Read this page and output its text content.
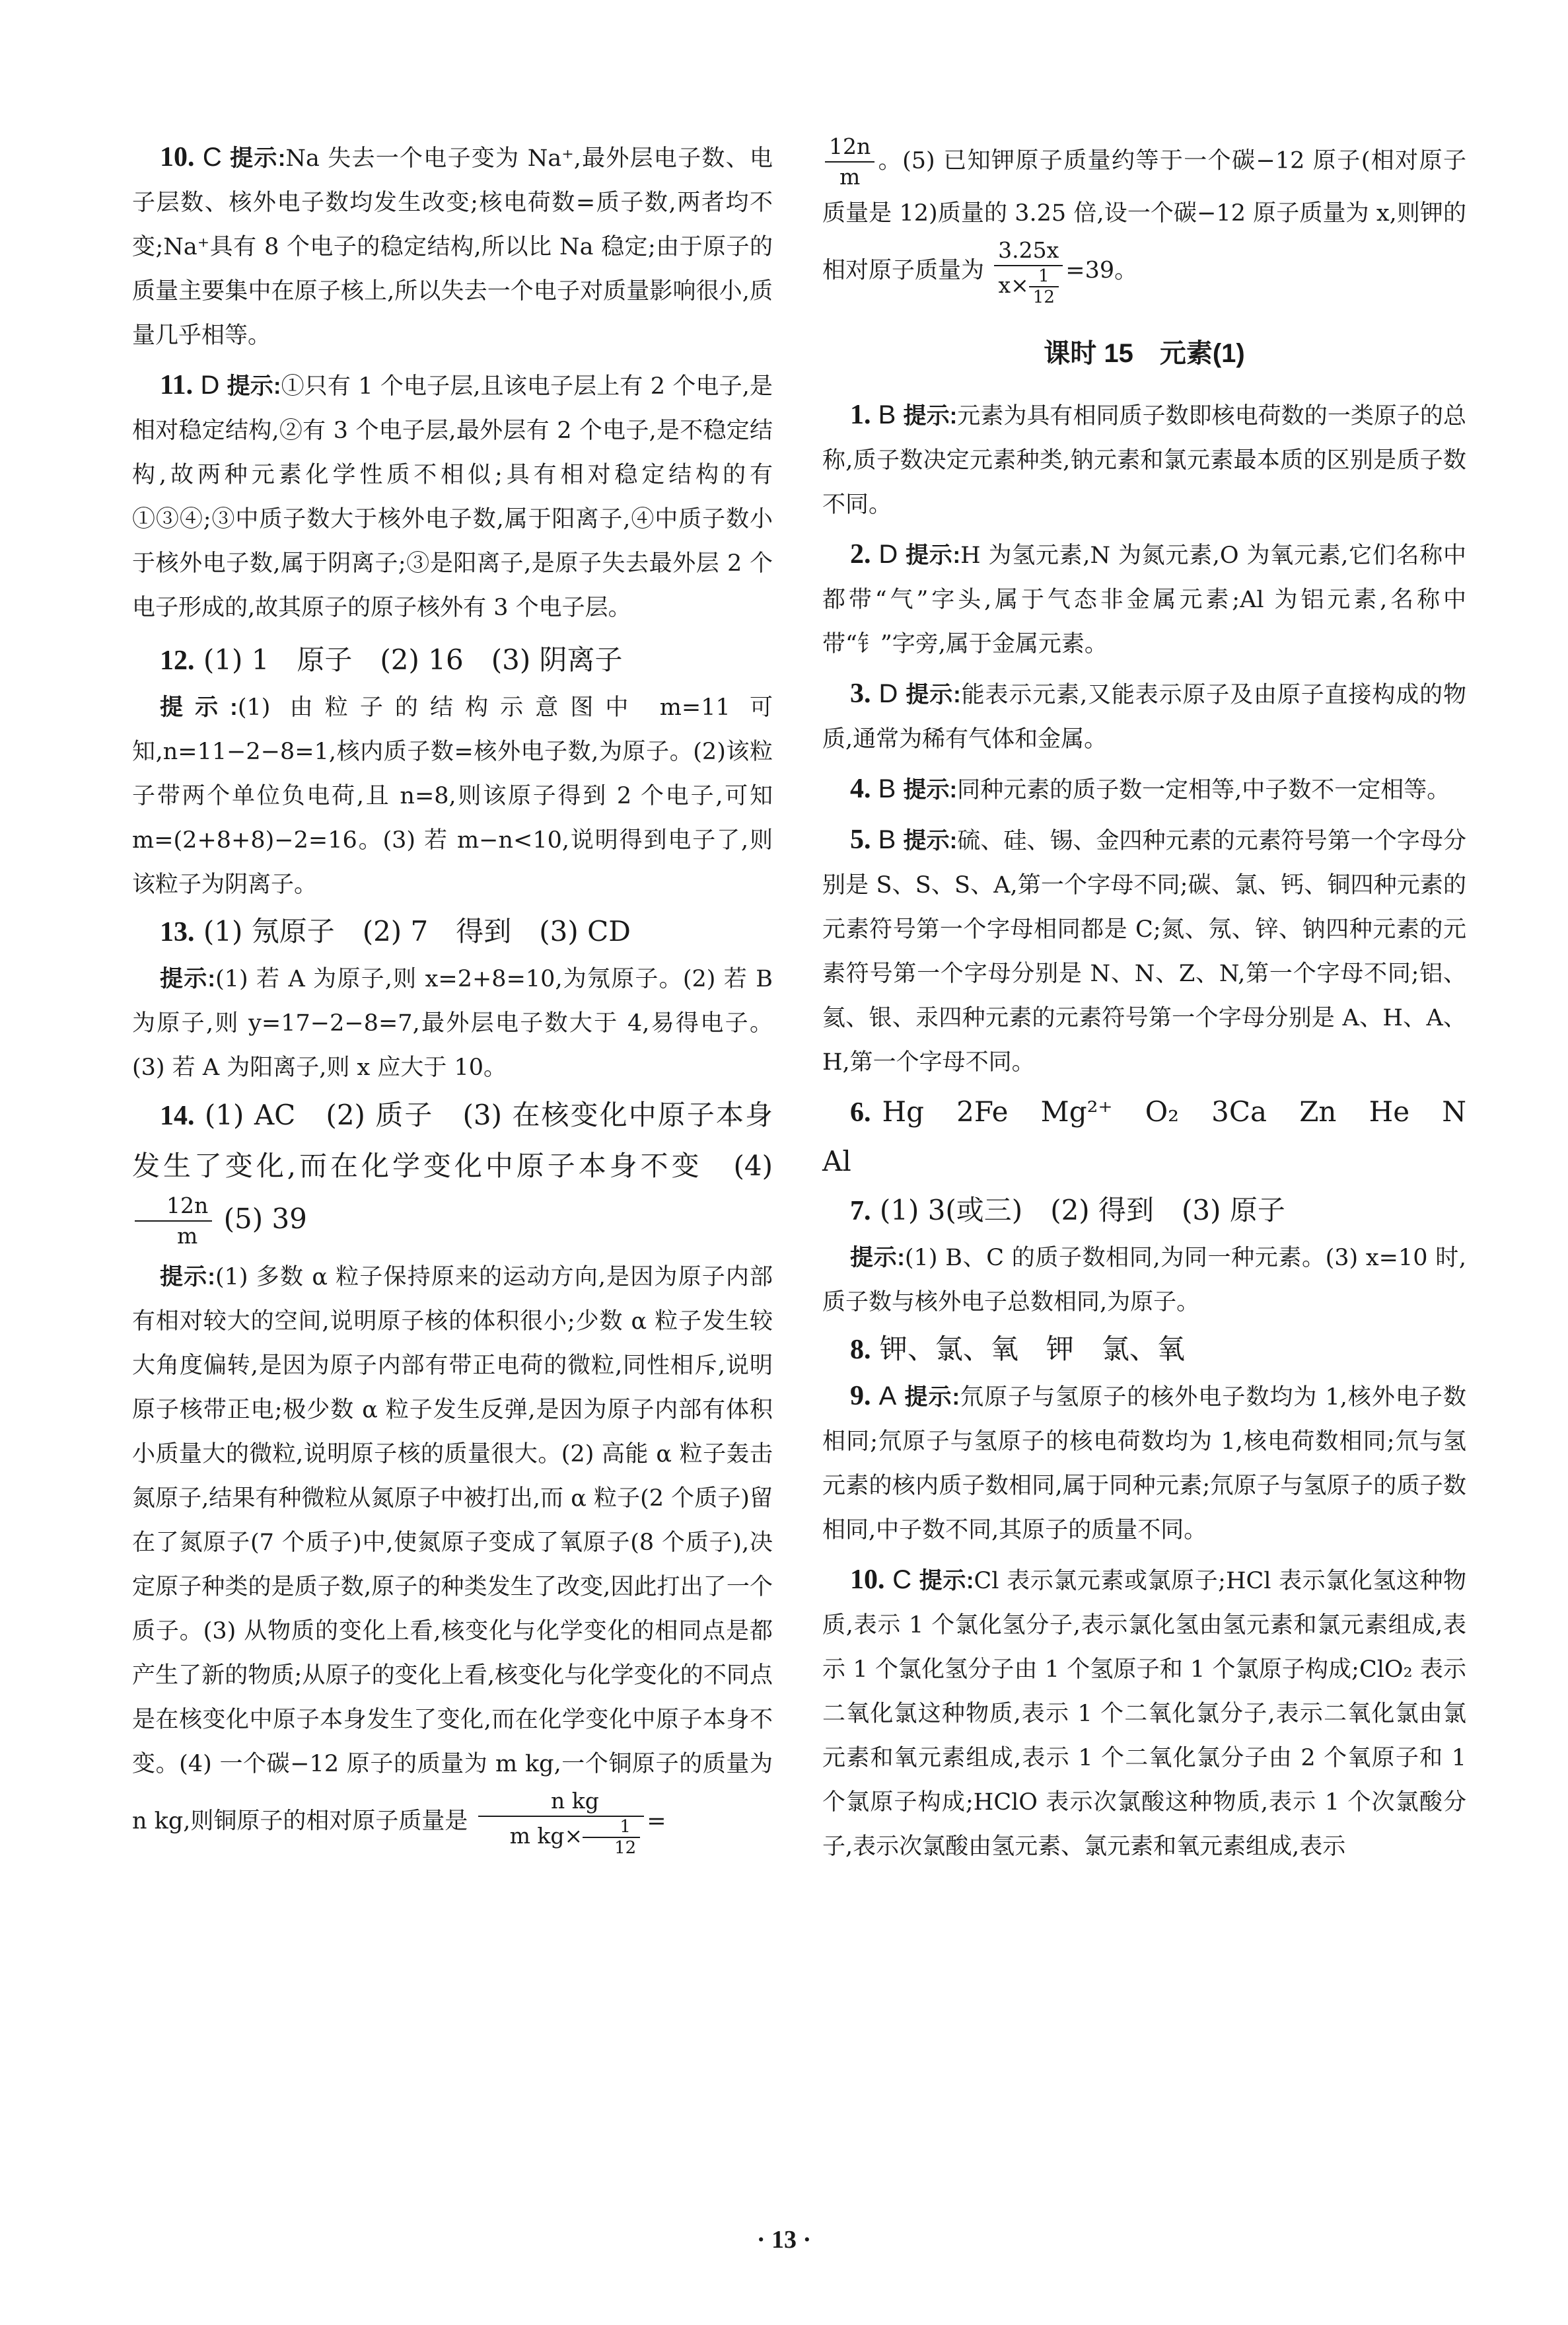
10. C 提示:Na 失去一个电子变为 Na⁺,最外层电子数、电子层数、核外电子数均发生改变;核电荷数=质子数,两者均不变;Na⁺具有 8 个电子的稳定结构,所以比 Na 稳定;由于原子的质量主要集中在原子核上,所以失去一个电子对质量影响很小,质量几乎相等。

11. D 提示:①只有 1 个电子层,且该电子层上有 2 个电子,是相对稳定结构,②有 3 个电子层,最外层有 2 个电子,是不稳定结构,故两种元素化学性质不相似;具有相对稳定结构的有①③④;③中质子数大于核外电子数,属于阳离子,④中质子数小于核外电子数,属于阴离子;③是阳离子,是原子失去最外层 2 个电子形成的,故其原子的原子核外有 3 个电子层。

12. (1) 1　原子　(2) 16　(3) 阴离子

提示:(1) 由粒子的结构示意图中 m=11 可知,n=11−2−8=1,核内质子数=核外电子数,为原子。(2)该粒子带两个单位负电荷,且 n=8,则该原子得到 2 个电子,可知 m=(2+8+8)−2=16。(3) 若 m−n<10,说明得到电子了,则该粒子为阴离子。

13. (1) 氖原子　(2) 7　得到　(3) CD

提示:(1) 若 A 为原子,则 x=2+8=10,为氖原子。(2) 若 B 为原子,则 y=17−2−8=7,最外层电子数大于 4,易得电子。(3) 若 A 为阳离子,则 x 应大于 10。

14. (1) AC　(2) 质子　(3) 在核变化中原子本身发生了变化,而在化学变化中原子本身不变　(4)
$\frac{12n}{m} (5)$ 39

提示:(1) 多数 α 粒子保持原来的运动方向,是因为原子内部有相对较大的空间,说明原子核的体积很小;少数 α 粒子发生较大角度偏转,是因为原子内部有带正电荷的微粒,同性相斥,说明原子核带正电;极少数 α 粒子发生反弹,是因为原子内部有体积小质量大的微粒,说明原子核的质量很大。(2) 高能 α 粒子轰击氮原子,结果有种微粒从氮原子中被打出,而 α 粒子(2 个质子)留在了氮原子(7 个质子)中,使氮原子变成了氧原子(8 个质子),决定原子种类的是质子数,原子的种类发生了改变,因此打出了一个质子。(3) 从物质的变化上看,核变化与化学变化的相同点是都产生了新的物质;从原子的变化上看,核变化与化学变化的不同点是在核变化中原子本身发生了变化,而在化学变化中原子本身不变。(4) 一个碳−12 原子的质量为 m kg,一个铜原子的质量为 n kg,则铜原子的相对原子质量是 $\frac{\text{n kg}}{m kg\times \frac{1}{12}}$ =

$\frac{12n}{m}$ 。(5) 已知钾原子质量约等于一个碳−12 原子(相对原子质量是 12)质量的 3.25 倍,设一个碳−12 原子质量为 x,则钾的相对原子质量为 $\frac{3.25x}{x\times \frac{1}{12}} =39$。

课时 15　元素(1)

1. B 提示:元素为具有相同质子数即核电荷数的一类原子的总称,质子数决定元素种类,钠元素和氯元素最本质的区别是质子数不同。

2. D 提示:H 为氢元素,N 为氮元素,O 为氧元素,它们名称中都带“气”字头,属于气态非金属元素;Al 为铝元素,名称中带“钅”字旁,属于金属元素。

3. D 提示:能表示元素,又能表示原子及由原子直接构成的物质,通常为稀有气体和金属。

4. B 提示:同种元素的质子数一定相等,中子数不一定相等。

5. B 提示:硫、硅、锡、金四种元素的元素符号第一个字母分别是 S、S、S、A,第一个字母不同;碳、氯、钙、铜四种元素的元素符号第一个字母相同都是 C;氮、氖、锌、钠四种元素的元素符号第一个字母分别是 N、N、Z、N,第一个字母不同;铝、氦、银、汞四种元素的元素符号第一个字母分别是 A、H、A、H,第一个字母不同。

6. Hg　2Fe　Mg²⁺　O₂　3Ca　Zn　He　N　Al

7. (1) 3(或三)　(2) 得到　(3) 原子

提示:(1) B、C 的质子数相同,为同一种元素。(3) x=10 时,质子数与核外电子总数相同,为原子。

8. 钾、氯、氧　钾　氯、氧

9. A 提示:氘原子与氢原子的核外电子数均为 1,核外电子数相同;氘原子与氢原子的核电荷数均为 1,核电荷数相同;氘与氢元素的核内质子数相同,属于同种元素;氘原子与氢原子的质子数相同,中子数不同,其原子的质量不同。

10. C 提示:Cl 表示氯元素或氯原子;HCl 表示氯化氢这种物质,表示 1 个氯化氢分子,表示氯化氢由氢元素和氯元素组成,表示 1 个氯化氢分子由 1 个氢原子和 1 个氯原子构成;ClO₂ 表示二氧化氯这种物质,表示 1 个二氧化氯分子,表示二氧化氯由氯元素和氧元素组成,表示 1 个二氧化氯分子由 2 个氧原子和 1 个氯原子构成;HClO 表示次氯酸这种物质,表示 1 个次氯酸分子,表示次氯酸由氢元素、氯元素和氧元素组成,表示

· 13 ·
